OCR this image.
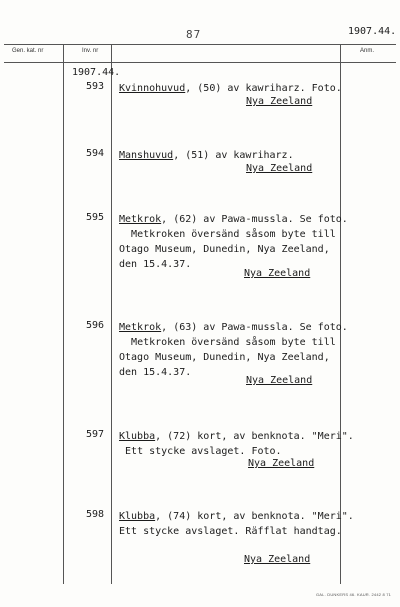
87	1907.44.
Gen. kat. nr	Inv. nr	Anm.
1907.44.
593 Kvinnohuvud, (50) av kawriharz. Foto.
Nya Zeeland
594 Manshuvud, (51) av kawriharz.
Nya Zeeland
595 Metkrok, (62) av Pawa-mussla. Se foto.
Metkroken översänd såsom byte till
Otago Museum, Dunedin, Nya Zeeland,
den 15.4.37.
Nya Zeeland
596 Metkrok, (63) av Pawa-mussla. Se foto.
Metkroken översänd såsom byte till
Otago Museum, Dunedin, Nya Zeeland,
den 15.4.37.
Nya Zeeland
597 Klubba, (72) kort, av benknota. "Meri".
Ett stycke avslaget. Foto.
Nya Zeeland
598 Klubba, (74) kort, av benknota. "Meri".
Ett stycke avslaget. Räfflat handtag.
Nya Zeeland
GAL. DUNKERS 46. KAUR. 2442 8 71
